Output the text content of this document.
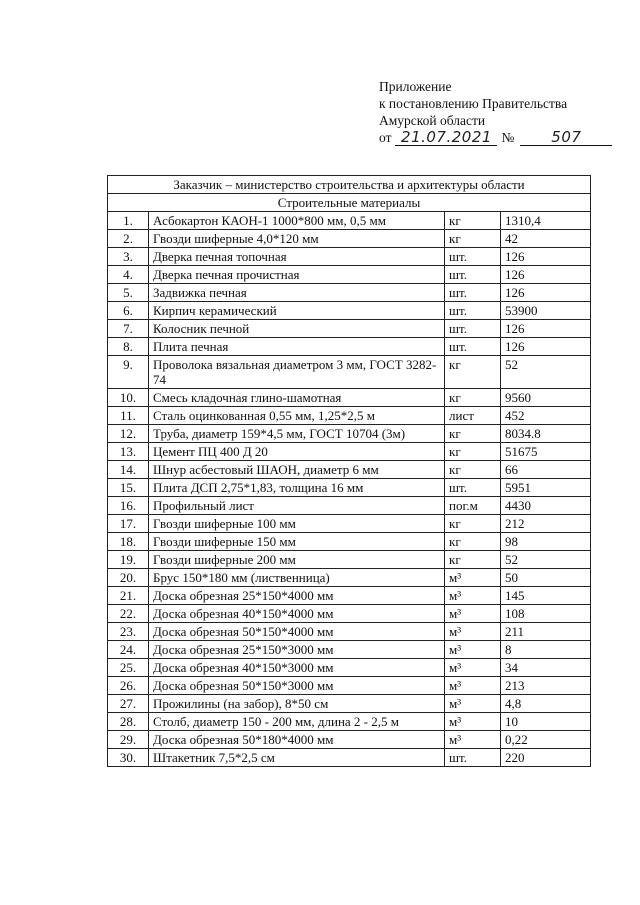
Приложение
к постановлению Правительства
Амурской области
от 21.07.2021 №	507
Заказчик – министерство строительства и архитектуры области			
Строительные материалы			
1.	Асбокартон КАОН-1 1000*800 мм, 0,5 мм	кг	1310,4
2.	Гвозди шиферные 4,0*120 мм	кг	42
3.	Дверка печная топочная	шт.	126
4.	Дверка печная прочистная	шт.	126
5.	Задвижка печная	шт.	126
6.	Кирпич керамический	шт.	53900
7.	Колосник печной	шт.	126
8.	Плита печная	шт.	126
9.	Проволока вязальная диаметром 3 мм, ГОСТ 3282-74	кг	52
10.	Смесь кладочная глино-шамотная	кг	9560
11.	Сталь оцинкованная 0,55 мм, 1,25*2,5 м	лист	452
12.	Труба, диаметр 159*4,5 мм, ГОСТ 10704 (3м)	кг	8034.8
13.	Цемент ПЦ 400 Д 20	кг	51675
14.	Шнур асбестовый ШАОН, диаметр 6 мм	кг	66
15.	Плита ДСП 2,75*1,83, толщина 16 мм	шт.	5951
16.	Профильный лист	пог.м	4430
17.	Гвозди шиферные 100 мм	кг	212
18.	Гвозди шиферные 150 мм	кг	98
19.	Гвозди шиферные 200 мм	кг	52
20.	Брус 150*180 мм (лиственница)	м³	50
21.	Доска обрезная 25*150*4000 мм	м³	145
22.	Доска обрезная 40*150*4000 мм	м³	108
23.	Доска обрезная 50*150*4000 мм	м³	211
24.	Доска обрезная 25*150*3000 мм	м³	8
25.	Доска обрезная 40*150*3000 мм	м³	34
26.	Доска обрезная 50*150*3000 мм	м³	213
27.	Прожилины (на забор), 8*50 см	м³	4,8
28.	Столб, диаметр 150 - 200 мм, длина 2 - 2,5 м	м³	10
29.	Доска обрезная 50*180*4000 мм	м³	0,22
30.	Штакетник 7,5*2,5 см	шт.	220
